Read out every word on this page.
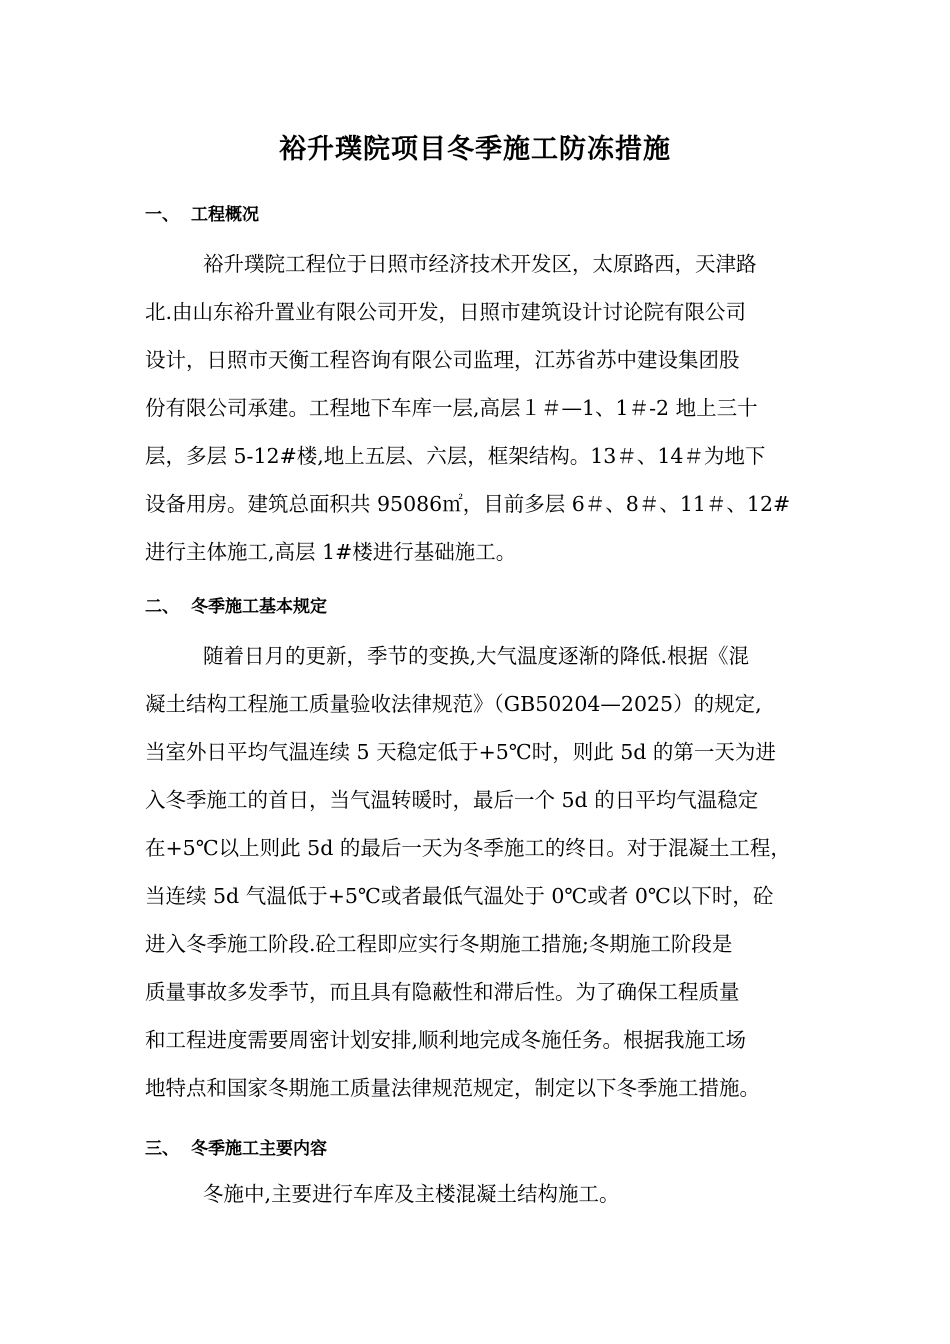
裕升璞院项目冬季施工防冻措施
一、 工程概况
裕升璞院工程位于日照市经济技术开发区，太原路西，天津路
北.由山东裕升置业有限公司开发，日照市建筑设计讨论院有限公司
设计，日照市天衡工程咨询有限公司监理，江苏省苏中建设集团股
份有限公司承建。工程地下车库一层,高层１＃—1、1＃-2 地上三十
层，多层 5-12#楼,地上五层、六层，框架结构。13＃、14＃为地下
设备用房。建筑总面积共 95086㎡，目前多层 6＃、8＃、11＃、12#
进行主体施工,高层 1#楼进行基础施工。
二、 冬季施工基本规定
随着日月的更新，季节的变换,大气温度逐渐的降低.根据《混
凝土结构工程施工质量验收法律规范》（GB50204—2025）的规定,
当室外日平均气温连续 5 天稳定低于+5℃时，则此 5d 的第一天为进
入冬季施工的首日，当气温转暖时，最后一个 5d 的日平均气温稳定
在+5℃以上则此 5d 的最后一天为冬季施工的终日。对于混凝土工程，
当连续 5d 气温低于+5℃或者最低气温处于 0℃或者 0℃以下时，砼
进入冬季施工阶段.砼工程即应实行冬期施工措施;冬期施工阶段是
质量事故多发季节，而且具有隐蔽性和滞后性。为了确保工程质量
和工程进度需要周密计划安排,顺利地完成冬施任务。根据我施工场
地特点和国家冬期施工质量法律规范规定，制定以下冬季施工措施。
三、 冬季施工主要内容
冬施中,主要进行车库及主楼混凝土结构施工。
